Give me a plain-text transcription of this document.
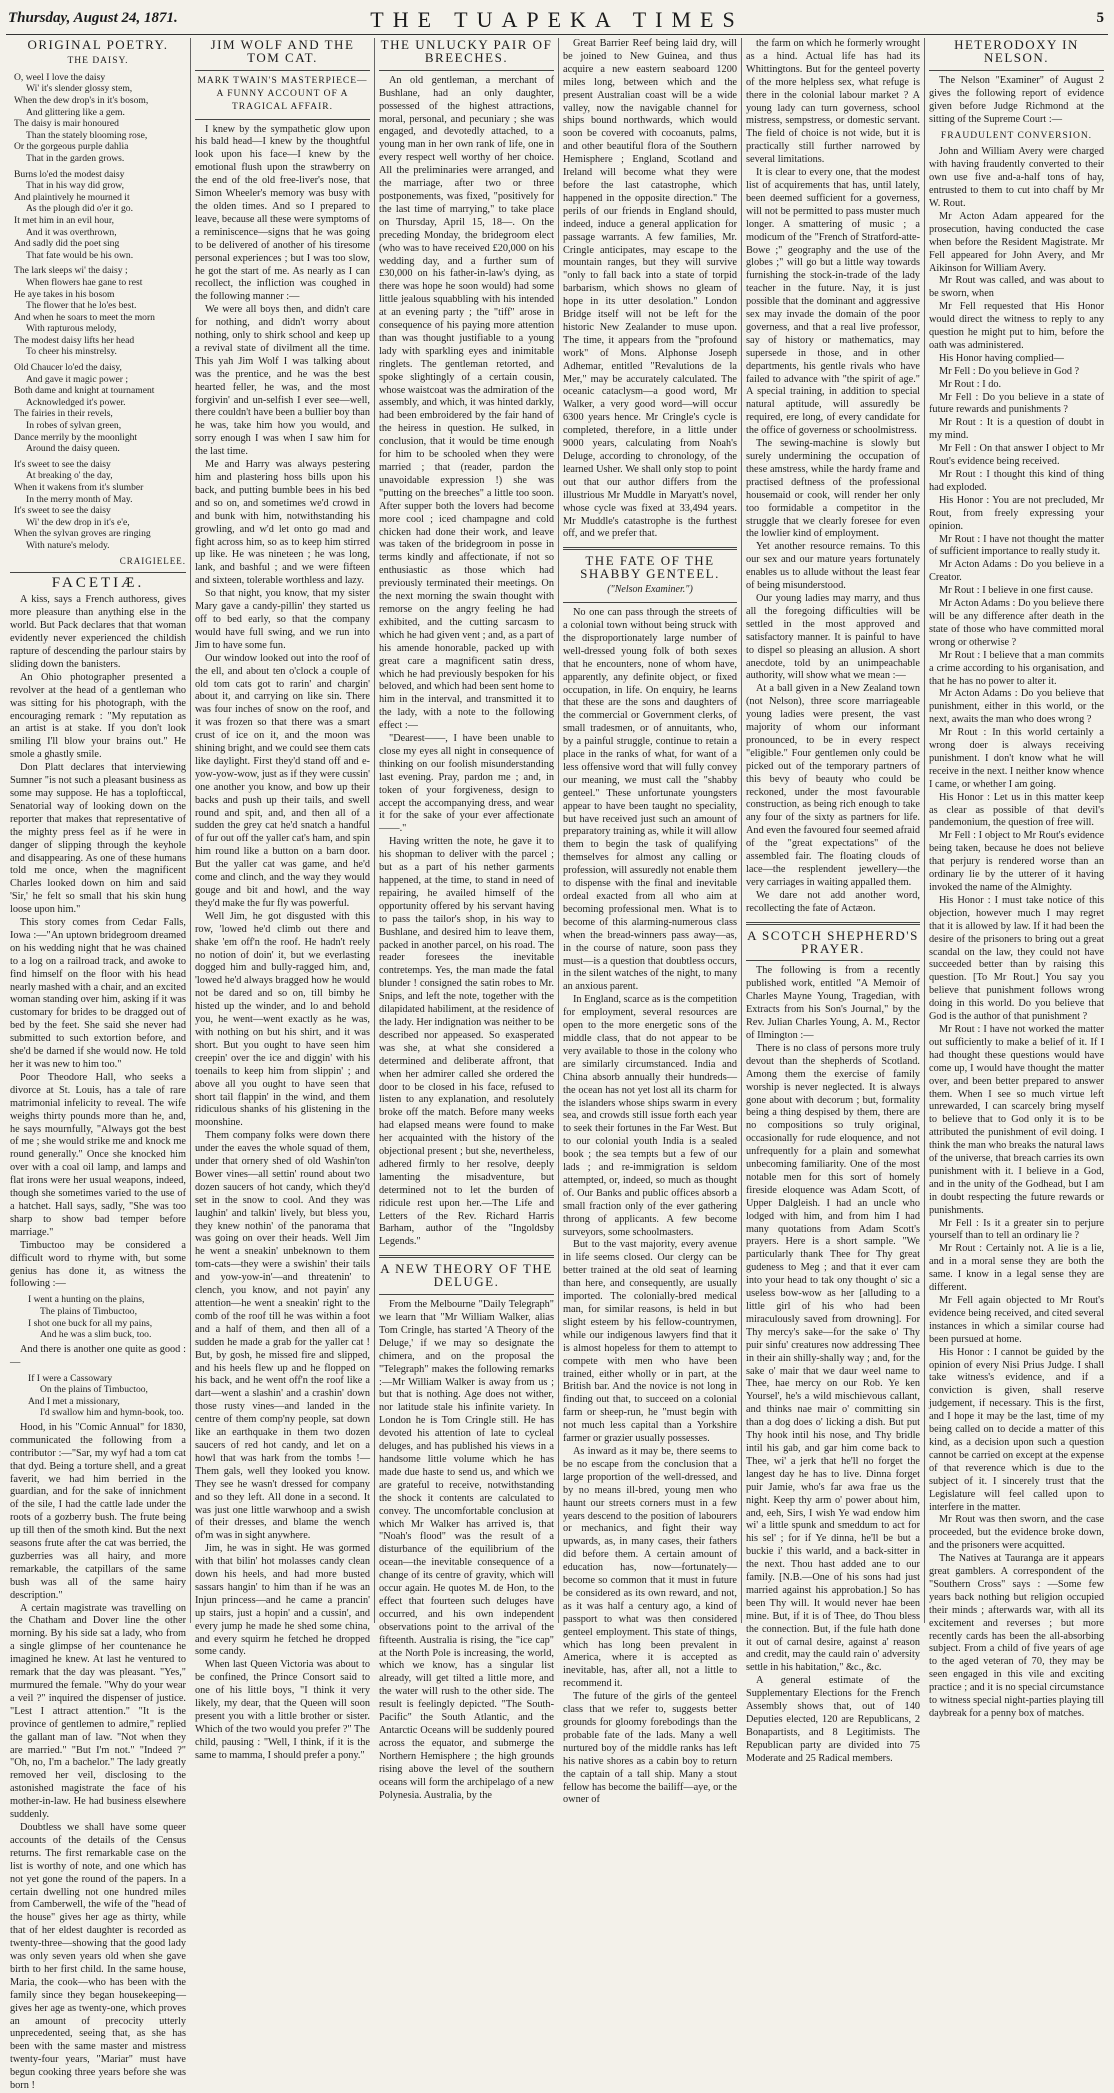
Thursday, August 24, 1871.	THE TUAPEKA TIMES	5
ORIGINAL POETRY.
THE DAISY.
O, weel I love the daisy
Wi' it's slender glossy stem,
When the dew drop's in it's bosom,
And glittering like a gem.
The daisy is mair honoured
Than the stately blooming rose,
Or the gorgeous purple dahlia
That in the garden grows.
Burns lo'ed the modest daisy
That in his way did grow,
And plaintively he mourned it
As the plough did o'er it go.
It met him in an evil hour,
And it was overthrown,
And sadly did the poet sing
That fate would be his own.
The lark sleeps wi' the daisy ;
When flowers hae gane to rest
He aye takes in his bosom
The flower that he lo'es best.
And when he soars to meet the morn
With rapturous melody,
The modest daisy lifts her head
To cheer his minstrelsy.
Old Chaucer lo'ed the daisy,
And gave it magic power ;
Both dame and knight at tournament
Acknowledged it's power.
The fairies in their revels,
In robes of sylvan green,
Dance merrily by the moonlight
Around the daisy queen.
It's sweet to see the daisy
At breaking o' the day,
When it wakens from it's slumber
In the merry month of May.
It's sweet to see the daisy
Wi' the dew drop in it's e'e,
When the sylvan groves are ringing
With nature's melody.
CRAIGIELEE.
FACETIÆ.

A kiss, says a French authoress, gives more pleasure than anything else in the world. But Pack declares that that woman evidently never experienced the childish rapture of descending the parlour stairs by sliding down the banisters.

An Ohio photographer presented a revolver at the head of a gentleman who was sitting for his photograph, with the encouraging remark : "My reputation as an artist is at stake. If you don't look smiling I'll blow your brains out." He smole a ghastly smile.

Don Platt declares that interviewing Sumner "is not such a pleasant business as some may suppose. He has a toplofticcal, Senatorial way of looking down on the reporter that makes that representative of the mighty press feel as if he were in danger of slipping through the keyhole and disappearing. As one of these humans told me once, when the magnificent Charles looked down on him and said 'Sir,' he felt so small that his skin hung loose upon him."

This story comes from Cedar Falls, Iowa :—"An uptown bridegroom dreamed on his wedding night that he was chained to a log on a railroad track, and awoke to find himself on the floor with his head nearly mashed with a chair, and an excited woman standing over him, asking if it was customary for brides to be dragged out of bed by the feet. She said she never had submitted to such extortion before, and she'd be darned if she would now. He told her it was new to him too."

Poor Theodore Hall, who seeks a divorce at St. Louis, has a tale of rare matrimonial infelicity to reveal. The wife weighs thirty pounds more than he, and, he says mournfully, "Always got the best of me ; she would strike me and knock me round generally." Once she knocked him over with a coal oil lamp, and lamps and flat irons were her usual weapons, indeed, though she sometimes varied to the use of a hatchet. Hall says, sadly, "She was too sharp to show bad temper before marriage."

Timbuctoo may be considered a difficult word to rhyme with, but some genius has done it, as witness the following :—

I went a hunting on the plains,
The plains of Timbuctoo,
I shot one buck for all my pains,
And he was a slim buck, too.

And there is another one quite as good :—

If I were a Cassowary
On the plains of Timbuctoo,
And I met a missionary,
I'd swallow him and hymn-book, too.

Hood, in his "Comic Annual" for 1830, communicated the following from a contributor :—"Sar, my wyf had a tom cat that dyd. Being a torture shell, and a great faverit, we had him berried in the guardian, and for the sake of innichment of the sile, I had the cattle lade under the roots of a gozberry bush. The frute being up till then of the smoth kind. But the next seasons frute after the cat was berried, the guzberries was all hairy, and more remarkable, the catpillars of the same bush was all of the same hairy description."

A certain magistrate was travelling on the Chatham and Dover line the other morning. By his side sat a lady, who from a single glimpse of her countenance he imagined he knew. At last he ventured to remark that the day was pleasant. "Yes," murmured the female. "Why do your wear a veil ?" inquired the dispenser of justice. "Lest I attract attention." "It is the province of gentlemen to admire," replied the gallant man of law. "Not when they are married." "But I'm not." "Indeed ?" "Oh, no, I'm a bachelor." The lady greatly removed her veil, disclosing to the astonished magistrate the face of his mother-in-law. He had business elsewhere suddenly.

Doubtless we shall have some queer accounts of the details of the Census returns. The first remarkable case on the list is worthy of note, and one which has not yet gone the round of the papers. In a certain dwelling not one hundred miles from Camberwell, the wife of the "head of the house" gives her age as thirty, while that of her eldest daughter is recorded as twenty-three—showing that the good lady was only seven years old when she gave birth to her first child. In the same house, Maria, the cook—who has been with the family since they began housekeeping—gives her age as twenty-one, which proves an amount of precocity utterly unprecedented, seeing that, as she has been with the same master and mistress twenty-four years, "Mariar" must have begun cooking three years before she was born !

JIM WOLF AND THE TOM CAT.
MARK TWAIN'S MASTERPIECE—A FUNNY ACCOUNT OF A TRAGICAL AFFAIR.

I knew by the sympathetic glow upon his bald head—I knew by the thoughtful look upon his face—I knew by the emotional flush upon the strawberry on the end of the old free-liver's nose, that Simon Wheeler's memory was busy with the olden times. And so I prepared to leave, because all these were symptoms of a reminiscence—signs that he was going to be delivered of another of his tiresome personal experiences ; but I was too slow, he got the start of me. As nearly as I can recollect, the infliction was coughed in the following manner :—

We were all boys then, and didn't care for nothing, and didn't worry about nothing, only to shirk school and keep up a revival state of divilment all the time. This yah Jim Wolf I was talking about was the prentice, and he was the best hearted feller, he was, and the most forgivin' and un-selfish I ever see—well, there couldn't have been a bullier boy than he was, take him how you would, and sorry enough I was when I saw him for the last time.

Me and Harry was always pestering him and plastering hoss bills upon his back, and putting bumble bees in his bed and so on, and sometimes we'd crowd in and bunk with him, notwithstanding his growling, and w'd let onto go mad and fight across him, so as to keep him stirred up like. He was nineteen ; he was long, lank, and bashful ; and we were fifteen and sixteen, tolerable worthless and lazy.

So that night, you know, that my sister Mary gave a candy-pillin' they started us off to bed early, so that the company would have full swing, and we run into Jim to have some fun.

Our window looked out into the roof of the ell, and about ten o'clock a couple of old tom cats got to rarin' and chargin' about it, and carrying on like sin. There was four inches of snow on the roof, and it was frozen so that there was a smart crust of ice on it, and the moon was shining bright, and we could see them cats like daylight. First they'd stand off and e-yow-yow-wow, just as if they were cussin' one another you know, and bow up their backs and push up their tails, and swell round and spit, and, and then all of a sudden the grey cat he'd snatch a handful of fur out off the yaller cat's ham, and spin him round like a button on a barn door. But the yaller cat was game, and he'd come and clinch, and the way they would gouge and bit and howl, and the way they'd make the fur fly was powerful.

Well Jim, he got disgusted with this row, 'lowed he'd climb out there and shake 'em off'n the roof. He hadn't reely no notion of doin' it, but we everlasting dogged him and bully-ragged him, and, 'lowed he'd always bragged how he would not be dared and so on, till bimby he histed up the winder, and lo and behold you, he went—went exactly as he was, with nothing on but his shirt, and it was short. But you ought to have seen him creepin' over the ice and diggin' with his toenails to keep him from slippin' ; and above all you ought to have seen that short tail flappin' in the wind, and them ridiculous shanks of his glistening in the moonshine.

Them company folks were down there under the eaves the whole squad of them, under that ornery shed of old Washin'ton Bower vines—all settin' round about two dozen saucers of hot candy, which they'd set in the snow to cool. And they was laughin' and talkin' lively, but bless you, they knew nothin' of the panorama that was going on over their heads. Well Jim he went a sneakin' unbeknown to them tom-cats—they were a swishin' their tails and yow-yow-in'—and threatenin' to clench, you know, and not payin' any attention—he went a sneakin' right to the comb of the roof till he was within a foot and a half of them, and then all of a sudden he made a grab for the yaller cat ! But, by gosh, he missed fire and slipped, and his heels flew up and he flopped on his back, and he went off'n the roof like a dart—went a slashin' and a crashin' down those rusty vines—and landed in the centre of them comp'ny people, sat down like an earthquake in them two dozen saucers of red hot candy, and let on a howl that was hark from the tombs !—Them gals, well they looked you know. They see he wasn't dressed for company and so they left. All done in a second. It was just one little warwhoop and a swish of their dresses, and blame the wench of'm was in sight anywhere.

Jim, he was in sight. He was gormed with that bilin' hot molasses candy clean down his heels, and had more busted sassars hangin' to him than if he was an Injun princess—and he came a prancin' up stairs, just a hopin' and a cussin', and every jump he made he shed some china, and every squirm he fetched he dropped some candy.

When last Queen Victoria was about to be confined, the Prince Consort said to one of his little boys, "I think it very likely, my dear, that the Queen will soon present you with a little brother or sister. Which of the two would you prefer ?" The child, pausing : "Well, I think, if it is the same to mamma, I should prefer a pony."

THE UNLUCKY PAIR OF BREECHES.

An old gentleman, a merchant of Bushlane, had an only daughter, possessed of the highest attractions, moral, personal, and pecuniary ; she was engaged, and devotedly attached, to a young man in her own rank of life, one in every respect well worthy of her choice. All the preliminaries were arranged, and the marriage, after two or three postponements, was fixed, "positively for the last time of marrying," to take place on Thursday, April 15, 18—. On the preceding Monday, the bridegroom elect (who was to have received £20,000 on his wedding day, and a further sum of £30,000 on his father-in-law's dying, as there was hope he soon would) had some little jealous squabbling with his intended at an evening party ; the "tiff" arose in consequence of his paying more attention than was thought justifiable to a young lady with sparkling eyes and inimitable ringlets. The gentleman retorted, and spoke slightingly of a certain cousin, whose waistcoat was the admiration of the assembly, and which, it was hinted darkly, had been embroidered by the fair hand of the heiress in question. He sulked, in conclusion, that it would be time enough for him to be schooled when they were married ; that (reader, pardon the unavoidable expression !) she was "putting on the breeches" a little too soon. After supper both the lovers had become more cool ; iced champagne and cold chicken had done their work, and leave was taken of the bridegroom in posse in terms kindly and affectionate, if not so enthusiastic as those which had previously terminated their meetings. On the next morning the swain thought with remorse on the angry feeling he had exhibited, and the cutting sarcasm to which he had given vent ; and, as a part of his amende honorable, packed up with great care a magnificent satin dress, which he had previously bespoken for his beloved, and which had been sent home to him in the interval, and transmitted it to the lady, with a note to the following effect :—

"Dearest——, I have been unable to close my eyes all night in consequence of thinking on our foolish misunderstanding last evening. Pray, pardon me ; and, in token of your forgiveness, design to accept the accompanying dress, and wear it for the sake of your ever affectionate——."

Having written the note, he gave it to his shopman to deliver with the parcel ; but as a part of his nether garments happened, at the time, to stand in need of repairing, he availed himself of the opportunity offered by his servant having to pass the tailor's shop, in his way to Bushlane, and desired him to leave them, packed in another parcel, on his road. The reader foresees the inevitable contretemps. Yes, the man made the fatal blunder ! consigned the satin robes to Mr. Snips, and left the note, together with the dilapidated habiliment, at the residence of the lady. Her indignation was neither to be described nor appeased. So exasperated was she, at what she considered a determined and deliberate affront, that when her admirer called she ordered the door to be closed in his face, refused to listen to any explanation, and resolutely broke off the match. Before many weeks had elapsed means were found to make her acquainted with the history of the objectional present ; but she, nevertheless, adhered firmly to her resolve, deeply lamenting the misadventure, but determined not to let the burden of ridicule rest upon her.—The Life and Letters of the Rev. Richard Harris Barham, author of the "Ingoldsby Legends."

A NEW THEORY OF THE DELUGE.

From the Melbourne "Daily Telegraph" we learn that "Mr William Walker, alias Tom Cringle, has started 'A Theory of the Deluge,' if we may so designate the chimera, and on the proposal the "Telegraph" makes the following remarks :—Mr William Walker is away from us ; but that is nothing. Age does not wither, nor latitude stale his infinite variety. In London he is Tom Cringle still. He has devoted his attention of late to cycleal deluges, and has published his views in a handsome little volume which he has made due haste to send us, and which we are grateful to receive, notwithstanding the shock it contents are calculated to convey. The uncomfortable conclusion at which Mr Walker has arrived is, that "Noah's flood" was the result of a disturbance of the equilibrium of the ocean—the inevitable consequence of a change of its centre of gravity, which will occur again. He quotes M. de Hon, to the effect that fourteen such deluges have occurred, and his own independent observations point to the arrival of the fifteenth. Australia is rising, the "ice cap" at the North Pole is increasing, the world, which we know, has a singular list already, will get tilted a little more, and the water will rush to the other side. The result is feelingly depicted. "The South-Pacific" the South Atlantic, and the Antarctic Oceans will be suddenly poured across the equator, and submerge the Northern Hemisphere ; the high grounds rising above the level of the southern oceans will form the archipelago of a new Polynesia. Australia, by the

Great Barrier Reef being laid dry, will be joined to New Guinea, and thus acquire a new eastern seaboard 1200 miles long, between which and the present Australian coast will be a wide valley, now the navigable channel for ships bound northwards, which would soon be covered with cocoanuts, palms, and other beautiful flora of the Southern Hemisphere ; England, Scotland and Ireland will become what they were before the last catastrophe, which happened in the opposite direction." The perils of our friends in England should, indeed, induce a general application for passage warrants. A few families, Mr. Cringle anticipates, may escape to the mountain ranges, but they will survive "only to fall back into a state of torpid barbarism, which shows no gleam of hope in its utter desolation." London Bridge itself will not be left for the historic New Zealander to muse upon. The time, it appears from the "profound work" of Mons. Alphonse Joseph Adhemar, entitled "Revalutions de la Mer," may be accurately calculated. The oceanic cataclysm—a good word, Mr Walker, a very good word—will occur 6300 years hence. Mr Cringle's cycle is completed, therefore, in a little under 9000 years, calculating from Noah's Deluge, according to chronology, of the learned Usher. We shall only stop to point out that our author differs from the illustrious Mr Muddle in Maryatt's novel, whose cycle was fixed at 33,494 years. Mr Muddle's catastrophe is the furthest off, and we prefer that.

THE FATE OF THE SHABBY GENTEEL.
("Nelson Examiner.")

No one can pass through the streets of a colonial town without being struck with the disproportionately large number of well-dressed young folk of both sexes that he encounters, none of whom have, apparently, any definite object, or fixed occupation, in life. On enquiry, he learns that these are the sons and daughters of the commercial or Government clerks, of small tradesmen, or of annuitants, who, by a painful struggle, continue to retain a place in the ranks of what, for want of a less offensive word that will fully convey our meaning, we must call the "shabby genteel." These unfortunate youngsters appear to have been taught no speciality, but have received just such an amount of preparatory training as, while it will allow them to begin the task of qualifying themselves for almost any calling or profession, will assuredly not enable them to dispense with the final and inevitable ordeal exacted from all who aim at becoming professional men. What is to become of this alarming-numerous class when the bread-winners pass away—as, in the course of nature, soon pass they must—is a question that doubtless occurs, in the silent watches of the night, to many an anxious parent.

In England, scarce as is the competition for employment, several resources are open to the more energetic sons of the middle class, that do not appear to be very available to those in the colony who are similarly circumstanced. India and China absorb annually their hundreds—the ocean has not yet lost all its charm for the islanders whose ships swarm in every sea, and crowds still issue forth each year to seek their fortunes in the Far West. But to our colonial youth India is a sealed book ; the sea tempts but a few of our lads ; and re-immigration is seldom attempted, or, indeed, so much as thought of. Our Banks and public offices absorb a small fraction only of the ever gathering throng of applicants. A few become surveyors, some schoolmasters.

But to the vast majority, every avenue in life seems closed. Our clergy can be better trained at the old seat of learning than here, and consequently, are usually imported. The colonially-bred medical man, for similar reasons, is held in but slight esteem by his fellow-countrymen, while our indigenous lawyers find that it is almost hopeless for them to attempt to compete with men who have been trained, either wholly or in part, at the British bar. And the novice is not long in finding out that, to succeed on a colonial farm or sheep-run, he "must begin with not much less capital than a Yorkshire farmer or grazier usually possesses.

As inward as it may be, there seems to be no escape from the conclusion that a large proportion of the well-dressed, and by no means ill-bred, young men who haunt our streets corners must in a few years descend to the position of labourers or mechanics, and fight their way upwards, as, in many cases, their fathers did before them. A certain amount of education has, now—fortunately—become so common that it must in future be considered as its own reward, and not, as it was half a century ago, a kind of passport to what was then considered genteel employment. This state of things, which has long been prevalent in America, where it is accepted as inevitable, has, after all, not a little to recommend it.

The future of the girls of the genteel class that we refer to, suggests better grounds for gloomy forebodings than the probable fate of the lads. Many a well nurtured boy of the middle ranks has left his native shores as a cabin boy to return the captain of a tall ship. Many a stout fellow has become the bailiff—aye, or the owner of

the farm on which he formerly wrought as a hind. Actual life has had its Whittingtons. But for the genteel poverty of the more helpless sex, what refuge is there in the colonial labour market ? A young lady can turn governess, school mistress, sempstress, or domestic servant. The field of choice is not wide, but it is practically still further narrowed by several limitations.

It is clear to every one, that the modest list of acquirements that has, until lately, been deemed sufficient for a governess, will not be permitted to pass muster much longer. A smattering of music ; a modicum of the "French of Stratford-atte-Bowe ;" geography and the use of the globes ;" will go but a little way towards furnishing the stock-in-trade of the lady teacher in the future. Nay, it is just possible that the dominant and aggressive sex may invade the domain of the poor governess, and that a real live professor, say of history or mathematics, may supersede in those, and in other departments, his gentle rivals who have failed to advance with "the spirit of age." A special training, in addition to special natural aptitude, will assuredly be required, ere long, of every candidate for the office of governess or schoolmistress.

The sewing-machine is slowly but surely undermining the occupation of these amstress, while the hardy frame and practised deftness of the professional housemaid or cook, will render her only too formidable a competitor in the struggle that we clearly foresee for even the lowlier kind of employment.

Yet another resource remains. To this our sex and our mature years fortunately enables us to allude without the least fear of being misunderstood.

Our young ladies may marry, and thus all the foregoing difficulties will be settled in the most approved and satisfactory manner. It is painful to have to dispel so pleasing an allusion. A short anecdote, told by an unimpeachable authority, will show what we mean :—

At a ball given in a New Zealand town (not Nelson), three score marriageable young ladies were present, the vast majority of whom our informant pronounced, to be in every respect "eligible." Four gentlemen only could be picked out of the temporary partners of this bevy of beauty who could be reckoned, under the most favourable construction, as being rich enough to take any four of the sixty as partners for life. And even the favoured four seemed afraid of the "great expectations" of the assembled fair. The floating clouds of lace—the resplendent jewellery—the very carriages in waiting appalled them.

We dare not add another word, recollecting the fate of Actæon.

A SCOTCH SHEPHERD'S PRAYER.

The following is from a recently published work, entitled "A Memoir of Charles Mayne Young, Tragedian, with Extracts from his Son's Journal," by the Rev. Julian Charles Young, A. M., Rector of Ilmington :—

There is no class of persons more truly devout than the shepherds of Scotland. Among them the exercise of family worship is never neglected. It is always gone about with decorum ; but, formality being a thing despised by them, there are no compositions so truly original, occasionally for rude eloquence, and not unfrequently for a plain and somewhat unbecoming familiarity. One of the most notable men for this sort of homely fireside eloquence was Adam Scott, of Upper Dalgleish. I had an uncle who lodged with him, and from him I had many quotations from Adam Scott's prayers. Here is a short sample. "We particularly thank Thee for Thy great gudeness to Meg ; and that it ever cam into your head to tak ony thought o' sic a useless bow-wow as her [alluding to a little girl of his who had been miraculously saved from drowning]. For Thy mercy's sake—for the sake o' Thy puir sinfu' creatures now addressing Thee in their ain shilly-shally way ; and, for the sake o' mair that we daur weel name to Thee, hae mercy on our Rob. Ye ken Yoursel', he's a wild mischievous callant, and thinks nae mair o' committing sin than a dog does o' licking a dish. But put Thy hook intil his nose, and Thy bridle intil his gab, and gar him come back to Thee, wi' a jerk that he'll no forget the langest day he has to live. Dinna forget puir Jamie, who's far awa frae us the night. Keep thy arm o' power about him, and, eeh, Sirs, I wish Ye wad endow him wi' a little spunk and smeddum to act for his sel' ; for if Ye dinna, he'll be but a buckie i' this warld, and a back-sitter in the next. Thou hast added ane to our family. [N.B.—One of his sons had just married against his approbation.] So has been Thy will. It would never hae been mine. But, if it is of Thee, do Thou bless the connection. But, if the fule hath done it out of carnal desire, against a' reason and credit, may the cauld rain o' adversity settle in his habitation," &c., &c.

A general estimate of the Supplementary Elections for the French Assembly shows that, out of 140 Deputies elected, 120 are Republicans, 2 Bonapartists, and 8 Legitimists. The Republican party are divided into 75 Moderate and 25 Radical members.

HETERODOXY IN NELSON.

The Nelson "Examiner" of August 2 gives the following report of evidence given before Judge Richmond at the sitting of the Supreme Court :—

FRAUDULENT CONVERSION.

John and William Avery were charged with having fraudently converted to their own use five and-a-half tons of hay, entrusted to them to cut into chaff by Mr W. Rout.

Mr Acton Adam appeared for the prosecution, having conducted the case when before the Resident Magistrate. Mr Fell appeared for John Avery, and Mr Aikinson for William Avery.

Mr Rout was called, and was about to be sworn, when

Mr Fell requested that His Honor would direct the witness to reply to any question he might put to him, before the oath was administered.

His Honor having complied—

Mr Fell : Do you believe in God ?

Mr Rout : I do.

Mr Fell : Do you believe in a state of future rewards and punishments ?

Mr Rout : It is a question of doubt in my mind.

Mr Fell : On that answer I object to Mr Rout's evidence being received.

Mr Rout : I thought this kind of thing had exploded.

His Honor : You are not precluded, Mr Rout, from freely expressing your opinion.

Mr Rout : I have not thought the matter of sufficient importance to really study it.

Mr Acton Adams : Do you believe in a Creator.

Mr Rout : I believe in one first cause.

Mr Acton Adams : Do you believe there will be any difference after death in the state of those who have committed moral wrong or otherwise ?

Mr Rout : I believe that a man commits a crime according to his organisation, and that he has no power to alter it.

Mr Acton Adams : Do you believe that punishment, either in this world, or the next, awaits the man who does wrong ?

Mr Rout : In this world certainly a wrong doer is always receiving punishment. I don't know what he will receive in the next. I neither know whence I came, or whether I am going.

His Honor : Let us in this matter keep as clear as possible of that devil's pandemonium, the question of free will.

Mr Fell : I object to Mr Rout's evidence being taken, because he does not believe that perjury is rendered worse than an ordinary lie by the utterer of it having invoked the name of the Almighty.

His Honor : I must take notice of this objection, however much I may regret that it is allowed by law. If it had been the desire of the prisoners to bring out a great scandal on the law, they could not have succeeded better than by raising this question. [To Mr Rout.] You say you believe that punishment follows wrong doing in this world. Do you believe that God is the author of that punishment ?

Mr Rout : I have not worked the matter out sufficiently to make a belief of it. If I had thought these questions would have come up, I would have thought the matter over, and been better prepared to answer them. When I see so much virtue left unrewarded, I can scarcely bring myself to believe that to God only it is to be attributed the punishment of evil doing. I think the man who breaks the natural laws of the universe, that breach carries its own punishment with it. I believe in a God, and in the unity of the Godhead, but I am in doubt respecting the future rewards or punishments.

Mr Fell : Is it a greater sin to perjure yourself than to tell an ordinary lie ?

Mr Rout : Certainly not. A lie is a lie, and in a moral sense they are both the same. I know in a legal sense they are different.

Mr Fell again objected to Mr Rout's evidence being received, and cited several instances in which a similar course had been pursued at home.

His Honor : I cannot be guided by the opinion of every Nisi Prius Judge. I shall take witness's evidence, and if a conviction is given, shall reserve judgement, if necessary. This is the first, and I hope it may be the last, time of my being called on to decide a matter of this kind, as a decision upon such a question cannot be carried on except at the expense of that reverence which is due to the subject of it. I sincerely trust that the Legislature will feel called upon to interfere in the matter.

Mr Rout was then sworn, and the case proceeded, but the evidence broke down, and the prisoners were acquitted.

The Natives at Tauranga are it appears great gamblers. A correspondent of the "Southern Cross" says : —Some few years back nothing but religion occupied their minds ; afterwards war, with all its excitement and reverses ; but more recently cards has been the all-absorbing subject. From a child of five years of age to the aged veteran of 70, they may be seen engaged in this vile and exciting practice ; and it is no special circumstance to witness special night-parties playing till daybreak for a penny box of matches.
